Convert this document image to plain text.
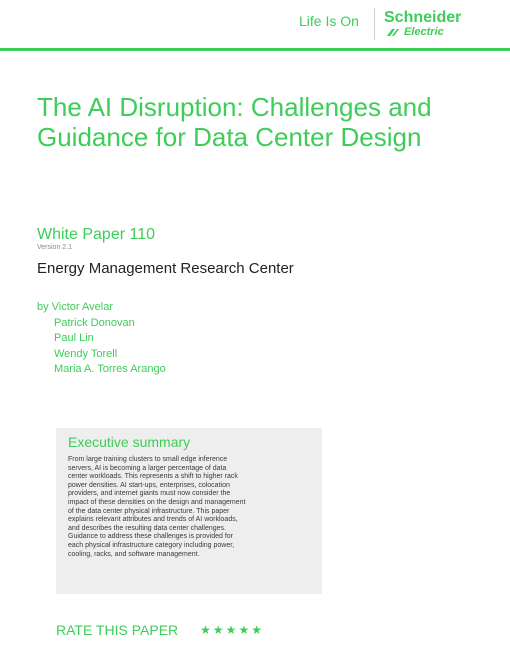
Life Is On Schneider
Electric
The AI Disruption: Challenges and Guidance for Data Center Design
White Paper 110
Version 2.1
Energy Management Research Center
by Victor Avelar
Patrick Donovan
Paul Lin
Wendy Torell
Maria A. Torres Arango
Executive summary
From large training clusters to small edge inference
servers, AI is becoming a larger percentage of data
center workloads. This represents a shift to higher rack
power densities. AI start-ups, enterprises, colocation
providers, and internet giants must now consider the
impact of these densities on the design and management
of the data center physical infrastructure. This paper
explains relevant attributes and trends of AI workloads,
and describes the resulting data center challenges.
Guidance to address these challenges is provided for
each physical infrastructure category including power,
cooling, racks, and software management.
RATE THIS PAPER ★ ★ ★ ★ ★
